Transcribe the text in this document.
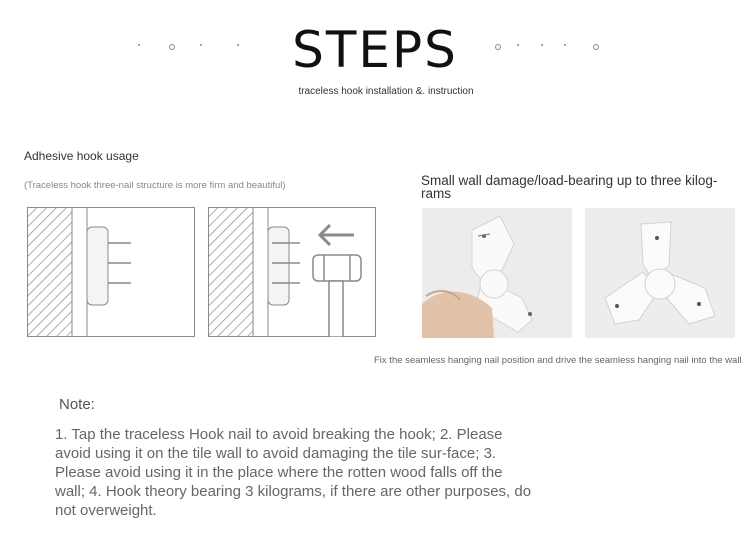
STEPS
traceless hook installation &. instruction
Adhesive hook usage
(Traceless hook three-nail structure is more firm and beautiful)	Small wall damage/load-bearing up to three kilog-
rams
Fix the seamless hanging nail position and drive the seamless hanging nail into the wall
Note:
1. Tap the traceless Hook nail to avoid breaking the hook; 2. Please avoid using it on the tile wall to avoid damaging the tile sur-face; 3. Please avoid using it in the place where the rotten wood falls off the wall; 4. Hook theory bearing 3 kilograms, if there are other purposes, do not overweight.
